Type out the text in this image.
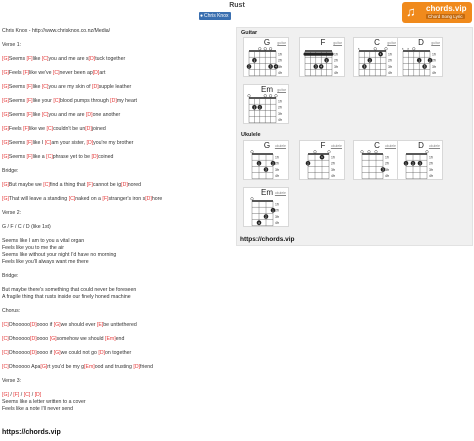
Rust
● Chris Knox	♫ chords.vip
Chord Song Lyric
Chris Knox - http://www.chrisknox.co.nz/Media/
Verse 1:
[G]Seems [F]like [C]you and me are s[D]tuck together
[G]Feels [F]like we've [C]never been ap[D]art
[G]Seems [F]like [C]you are my skin of [D]supple leather
[G]Seems [F]like your [C]blood pumps through [D]my heart
[G]Seems [F]like [C]you and me are [D]one another
[G]Feels [F]like we [C]couldn't be un[D]joined
[G]Seems [F]like I [C]am your sister, [D]you're my brother
[G]Seems [F]like a [C]phrase yet to be [D]coined
Bridge:
[G]But maybe we [C]find a thing that [F]cannot be ig[D]nored
[G]That will leave a standing [C]naked on a [F]stranger's iron s[D]hore
Verse 2:
G / F / C / D (like 1st)
Seems like I am to you a vital organ
Feels like you to me the air
Seems like without your night I'd have no morning
Feels like you'll always want me there
Bridge:
But maybe there's something that could never be foreseen
A fragile thing that rusts inside our finely honed machine
Chorus:
[C]Ohooooo[D]oooo if [G]we should ever [E]be unttethered
[C]Ohooooo[D]oooo [G]somehow we should [Em]end
[C]Ohooooo[D]oooo if [G]we could not go [D]on together
[C]Ohooooo Apa[G]rt you'd be my g[Em]ood and trusting [D]friend
Verse 3:
[G] / [F] / [C] / [D]
Seems like a letter written to a cover
Feels like a note I'll never send
https://chords.vip
Guitar
Ukulele
G	guitar
1fr
2fr
3fr
4fr
2
1
3 4
F	guitar
1fr
2fr
3fr
4fr
3 4
2
C	guitar
1fr
2fr
3fr
4fr
×
3
2
1
D	guitar
1fr
2fr
3fr
4fr
× ×
1
3
2
Em	guitar
1fr
2fr
3fr
4fr
1 2
G	ukulele
1fr
2fr
3fr
4fr
1
3
2
F	ukulele
1fr
2fr
3fr
4fr
2
1
C	ukulele
1fr
2fr
3fr
4fr
3
D	ukulele
1fr
2fr
3fr
4fr
1 2 3
Em ukulele
1fr
2fr
3fr
4fr
3
2
1
https://chords.vip
